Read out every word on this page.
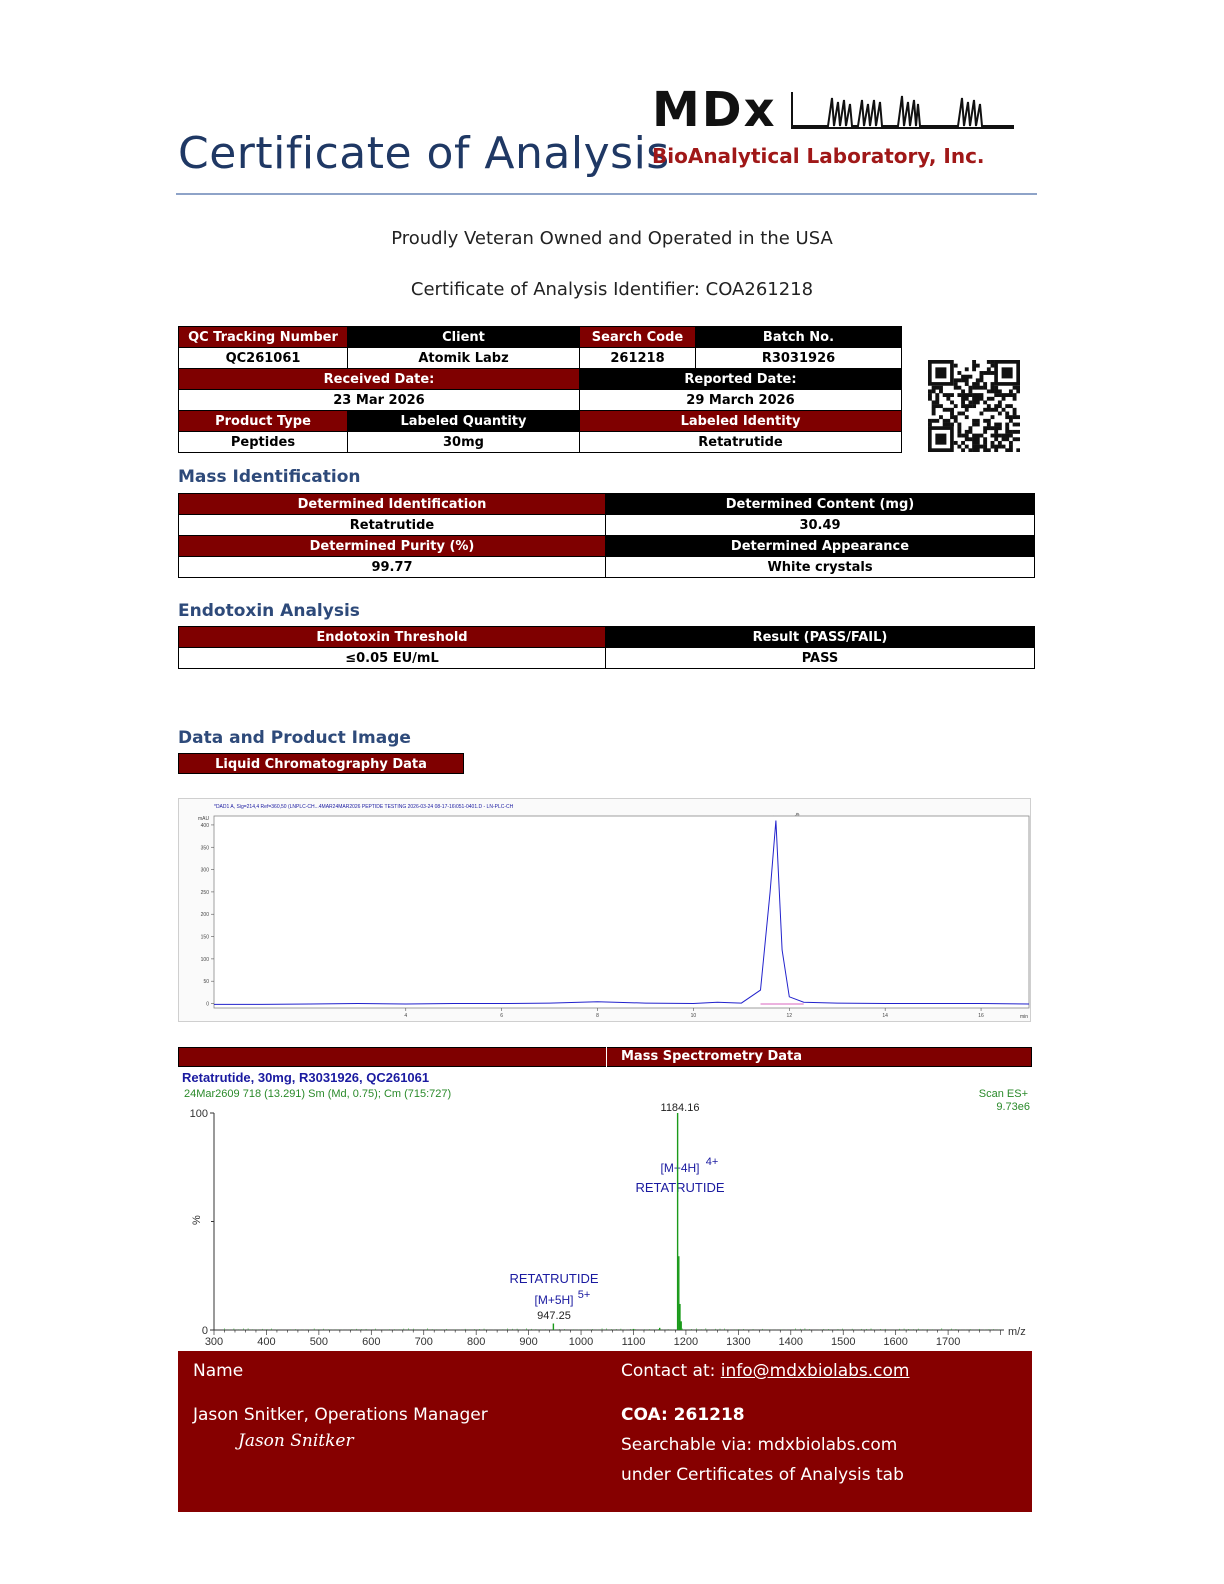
Certificate of Analysis
MDx
BioAnalytical Laboratory, Inc.
Proudly Veteran Owned and Operated in the USA
Certificate of Analysis Identifier: COA261218
QC Tracking Number	Client	Search Code	Batch No.
QC261061	Atomik Labz	261218	R3031926
Received Date:		Reported Date:	
23 Mar 2026		29 March 2026	
Product Type	Labeled Quantity	Labeled Identity	
Peptides	30mg	Retatrutide	
Mass Identification
Determined Identification	Determined Content (mg)
Retatrutide	30.49
Determined Purity (%)	Determined Appearance
99.77	White crystals
Endotoxin Analysis
Endotoxin Threshold	Result (PASS/FAIL)
≤0.05 EU/mL	PASS
Data and Product Image
Liquid Chromatography Data
*DAD1 A, Sig=214,4 Ref=360,50 (LNPLC-CH...4MAR24MAR2026 PEPTIDE TESTING 2026-03-24 08-17-16\051-0401.D - LN-PLC-CH
mAU
min
0
50
100
150
200
250
300
350
400
4	6	8	10	12	14	16
Mass Spectrometry Data
Retatrutide, 30mg, R3031926, QC261061
24Mar2609 718 (13.291) Sm (Md, 0.75); Cm (715:727)	Scan ES+
9.73e6
%
m/z
1184.16
[M+4H] 4+
RETATRUTIDE
RETATRUTIDE
[M+5H] 5+
947.25
0
100
300	400	500	600	700	800	900	1000	1100	1200	1300	1400	1500	1600	1700
Name
Jason Snitker, Operations Manager
Jason Snitker
Contact at: info@mdxbiolabs.com
COA: 261218
Searchable via: mdxbiolabs.com
under Certificates of Analysis tab
